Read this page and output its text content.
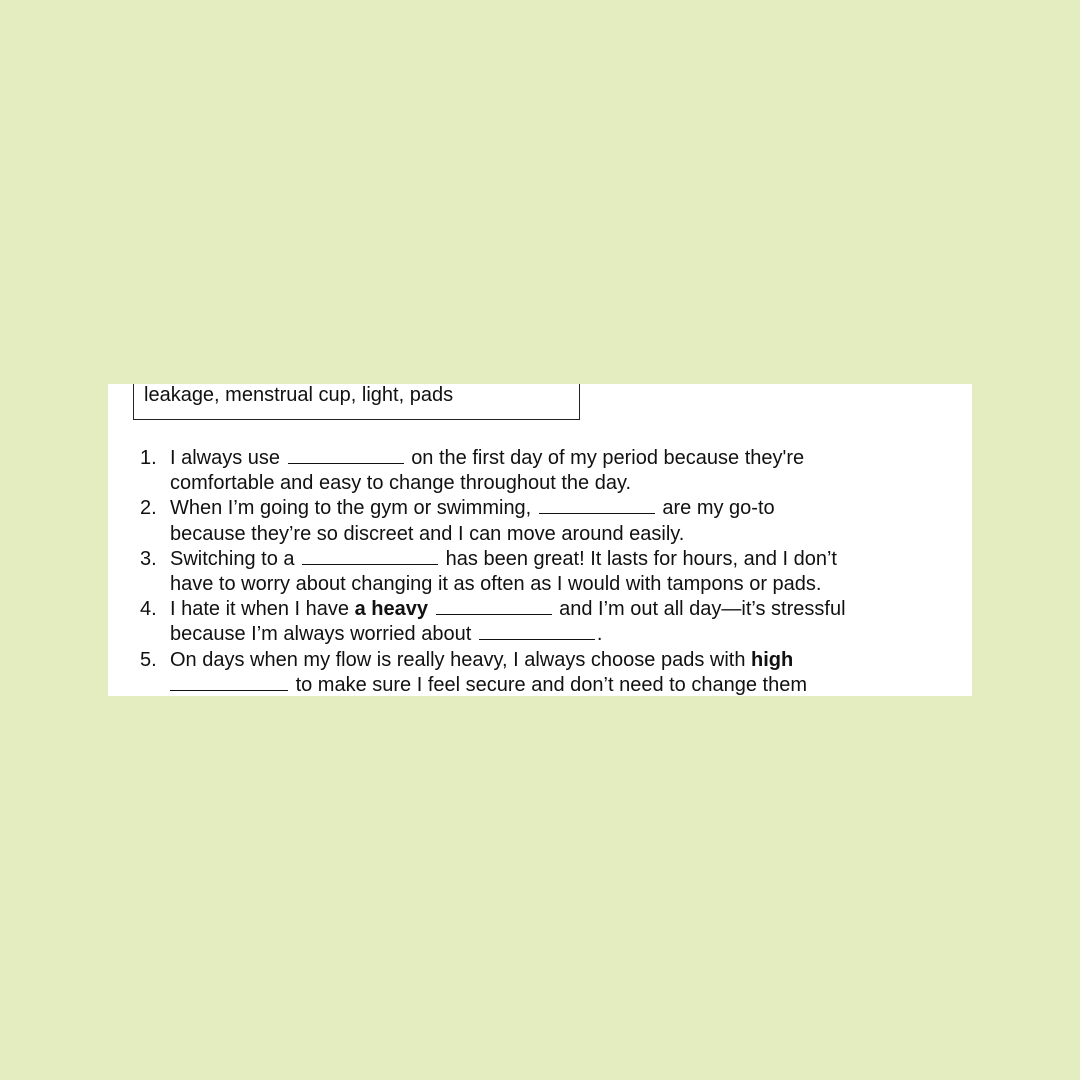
leakage, menstrual cup, light, pads
1. I always use	on the first day of my period because they're
comfortable and easy to change throughout the day.
2. When I’m going to the gym or swimming,	are my go-to
because they’re so discreet and I can move around easily.
3. Switching to a	has been great! It lasts for hours, and I don’t
have to worry about changing it as often as I would with tampons or pads.
4. I hate it when I have a heavy	and I’m out all day—it’s stressful
because I’m always worried about	.
5. On days when my flow is really heavy, I always choose pads with high
to make sure I feel secure and don’t need to change them
